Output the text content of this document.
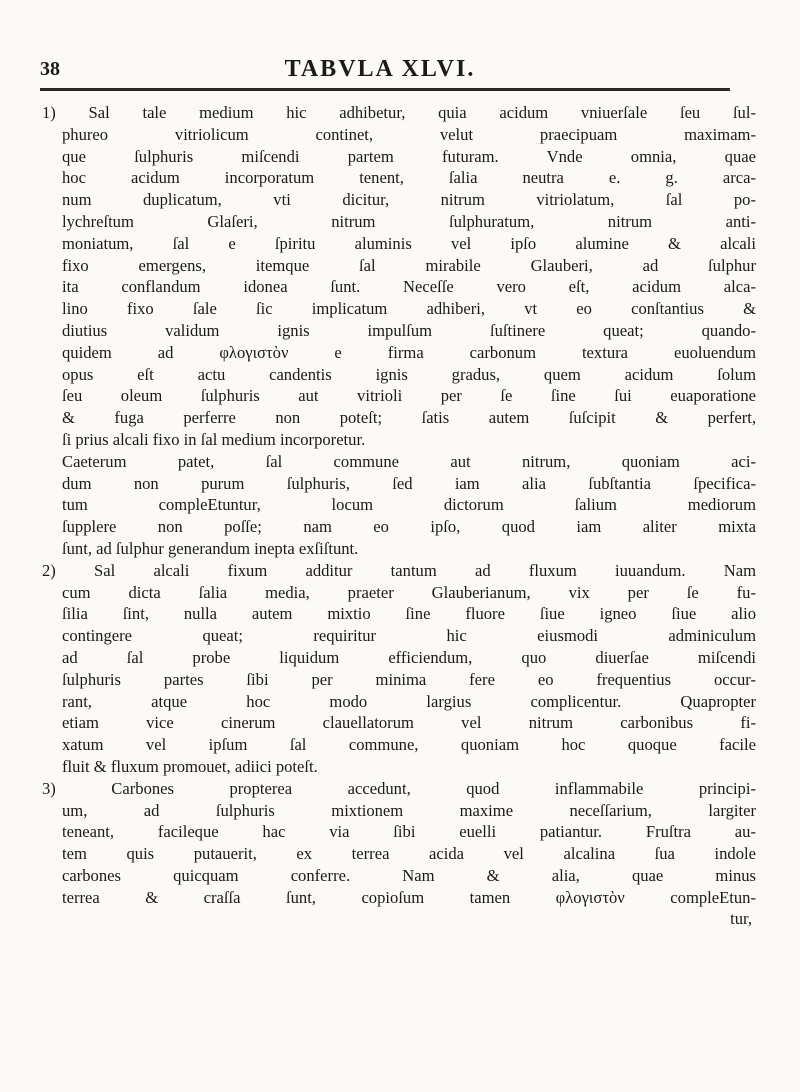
38	TABVLA XLVI.
1) Sal tale medium hic adhibetur, quia acidum vniuerſale ſeu ſul-
phureo vitriolicum continet, velut praecipuam maximam-
que ſulphuris miſcendi partem futuram. Vnde omnia, quae
hoc acidum incorporatum tenent, ſalia neutra e. g. arca-
num duplicatum, vti dicitur, nitrum vitriolatum, ſal po-
lychreſtum Glaſeri, nitrum ſulphuratum, nitrum anti-
moniatum, ſal e ſpiritu aluminis vel ipſo alumine & alcali
fixo emergens, itemque ſal mirabile Glauberi, ad ſulphur
ita conflandum idonea ſunt. Neceſſe vero eſt, acidum alca-
lino fixo ſale ſic implicatum adhiberi, vt eo conſtantius &
diutius validum ignis impulſum ſuſtinere queat; quando-
quidem ad φλογιστὸν e firma carbonum textura euoluendum
opus eſt actu candentis ignis gradus, quem acidum ſolum
ſeu oleum ſulphuris aut vitrioli per ſe ſine ſui euaporatione
& fuga perferre non poteſt; ſatis autem ſuſcipit & perfert,
ſi prius alcali fixo in ſal medium incorporetur.
Caeterum patet, ſal commune aut nitrum, quoniam aci-
dum non purum ſulphuris, ſed iam alia ſubſtantia ſpecifica-
tum compleEtuntur, locum dictorum ſalium mediorum
ſupplere non poſſe; nam eo ipſo, quod iam aliter mixta
ſunt, ad ſulphur generandum inepta exſiſtunt.
2) Sal alcali fixum additur tantum ad fluxum iuuandum. Nam
cum dicta ſalia media, praeter Glauberianum, vix per ſe fu-
ſilia ſint, nulla autem mixtio ſine fluore ſiue igneo ſiue alio
contingere queat; requiritur hic eiusmodi adminiculum
ad ſal probe liquidum efficiendum, quo diuerſae miſcendi
ſulphuris partes ſibi per minima fere eo frequentius occur-
rant, atque hoc modo largius complicentur. Quapropter
etiam vice cinerum clauellatorum vel nitrum carbonibus fi-
xatum vel ipſum ſal commune, quoniam hoc quoque facile
fluit & fluxum promouet, adiici poteſt.
3) Carbones propterea accedunt, quod inflammabile principi-
um, ad ſulphuris mixtionem maxime neceſſarium, largiter
teneant, facileque hac via ſibi euelli patiantur. Fruſtra au-
tem quis putauerit, ex terrea acida vel alcalina ſua indole
carbones quicquam conferre. Nam & alia, quae minus
terrea & craſſa ſunt, copioſum tamen φλογιστὸν compleEtun-
tur,
